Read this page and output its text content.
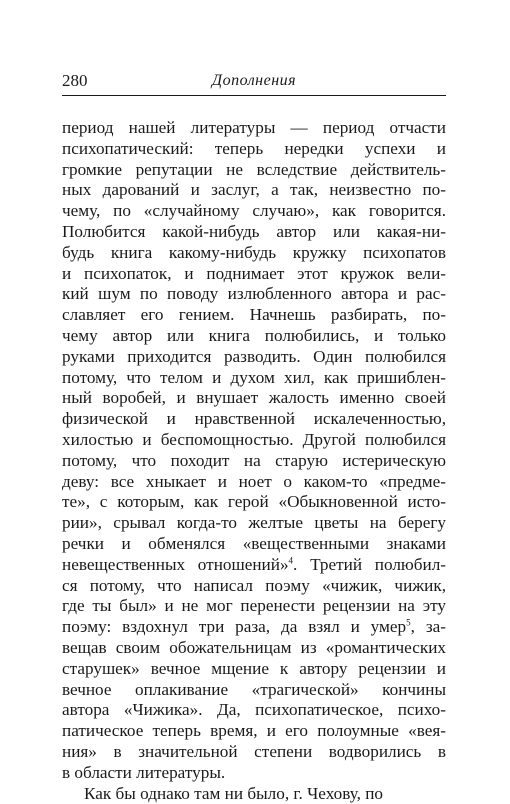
280	Дополнения
период нашей литературы — период отчасти
психопатический: теперь нередки успехи и
громкие репутации не вследствие действитель-
ных дарований и заслуг, а так, неизвестно по-
чему, по «случайному случаю», как говорится.
Полюбится какой-нибудь автор или какая-ни-
будь книга какому-нибудь кружку психопатов
и психопаток, и поднимает этот кружок вели-
кий шум по поводу излюбленного автора и рас-
славляет его гением. Начнешь разбирать, по-
чему автор или книга полюбились, и только
руками приходится разводить. Один полюбился
потому, что телом и духом хил, как пришиблен-
ный воробей, и внушает жалость именно своей
физической и нравственной искалеченностью,
хилостью и беспомощностью. Другой полюбился
потому, что походит на старую истерическую
деву: все хныкает и ноет о каком-то «предме-
те», с которым, как герой «Обыкновенной исто-
рии», срывал когда-то желтые цветы на берегу
речки и обменялся «вещественными знаками
невещественных отношений»$^4$. Третий полюбил-
ся потому, что написал поэму «чижик, чижик,
где ты был» и не мог перенести рецензии на эту
поэму: вздохнул три раза, да взял и умер$^5$, за-
вещав своим обожательницам из «романтических
старушек» вечное мщение к автору рецензии и
вечное оплакивание «трагической» кончины
автора «Чижика». Да, психопатическое, психо-
патическое теперь время, и его полоумные «вея-
ния» в значительной степени водворились в
в области литературы.
Как бы однако там ни было, г. Чехову, по
